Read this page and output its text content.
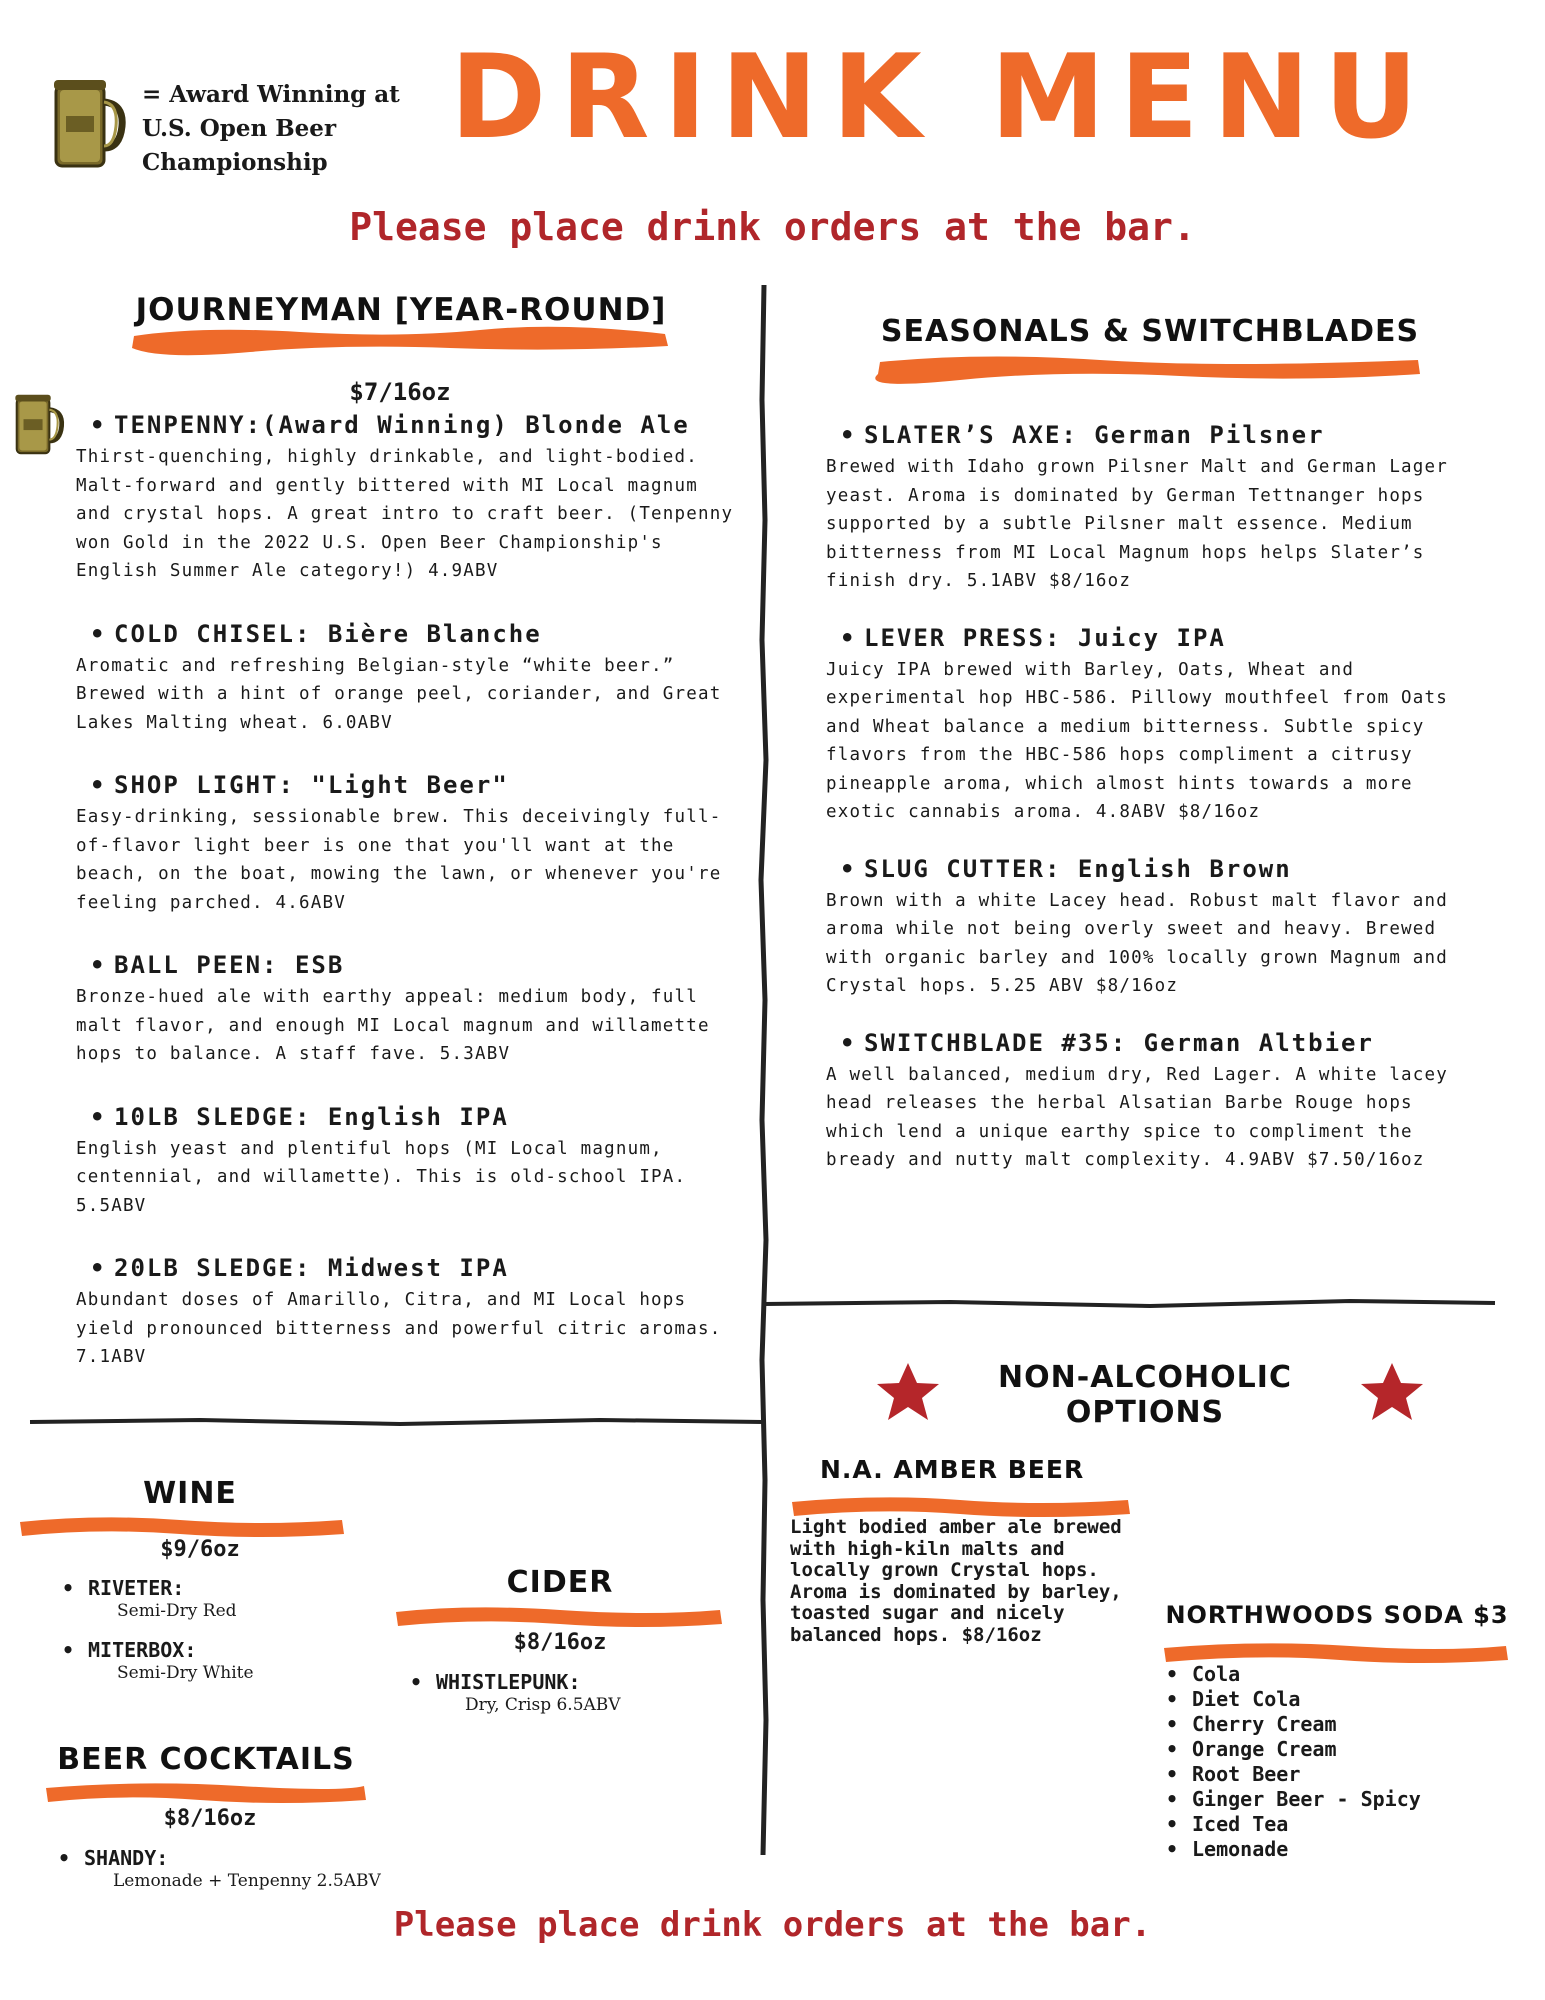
= Award Winning at U.S. Open Beer Championship	DRINK MENU
Please place drink orders at the bar.
JOURNEYMAN [YEAR-ROUND]
$7/16oz
• TENPENNY:(Award Winning) Blonde Ale
Thirst-quenching, highly drinkable, and light-bodied. Malt-forward and gently bittered with MI Local magnum and crystal hops. A great intro to craft beer. (Tenpenny won Gold in the 2022 U.S. Open Beer Championship's English Summer Ale category!) 4.9ABV
• COLD CHISEL: Bière Blanche
Aromatic and refreshing Belgian-style “white beer.” Brewed with a hint of orange peel, coriander, and Great Lakes Malting wheat. 6.0ABV
• SHOP LIGHT: "Light Beer"
Easy-drinking, sessionable brew. This deceivingly full-of-flavor light beer is one that you'll want at the beach, on the boat, mowing the lawn, or whenever you're feeling parched. 4.6ABV
• BALL PEEN: ESB
Bronze-hued ale with earthy appeal: medium body, full malt flavor, and enough MI Local magnum and willamette hops to balance. A staff fave. 5.3ABV
• 10LB SLEDGE: English IPA
English yeast and plentiful hops (MI Local magnum, centennial, and willamette). This is old-school IPA. 5.5ABV
• 20LB SLEDGE: Midwest IPA
Abundant doses of Amarillo, Citra, and MI Local hops yield pronounced bitterness and powerful citric aromas. 7.1ABV
SEASONALS & SWITCHBLADES
• SLATER’S AXE: German Pilsner
Brewed with Idaho grown Pilsner Malt and German Lager yeast. Aroma is dominated by German Tettnanger hops supported by a subtle Pilsner malt essence. Medium bitterness from MI Local Magnum hops helps Slater’s finish dry. 5.1ABV $8/16oz
• LEVER PRESS: Juicy IPA
Juicy IPA brewed with Barley, Oats, Wheat and experimental hop HBC-586. Pillowy mouthfeel from Oats and Wheat balance a medium bitterness. Subtle spicy flavors from the HBC-586 hops compliment a citrusy pineapple aroma, which almost hints towards a more exotic cannabis aroma. 4.8ABV $8/16oz
• SLUG CUTTER: English Brown
Brown with a white Lacey head. Robust malt flavor and aroma while not being overly sweet and heavy. Brewed with organic barley and 100% locally grown Magnum and Crystal hops. 5.25 ABV $8/16oz
• SWITCHBLADE #35: German Altbier
A well balanced, medium dry, Red Lager. A white lacey head releases the herbal Alsatian Barbe Rouge hops which lend a unique earthy spice to compliment the bready and nutty malt complexity. 4.9ABV $7.50/16oz
NON-ALCOHOLIC OPTIONS
N.A. AMBER BEER
Light bodied amber ale brewed with high-kiln malts and locally grown Crystal hops. Aroma is dominated by barley, toasted sugar and nicely balanced hops. $8/16oz
NORTHWOODS SODA $3
• Cola
• Diet Cola
• Cherry Cream
• Orange Cream
• Root Beer
• Ginger Beer - Spicy
• Iced Tea
• Lemonade
WINE
$9/6oz
• RIVETER:
Semi-Dry Red
• MITERBOX:
Semi-Dry White
CIDER
$8/16oz
• WHISTLEPUNK:
Dry, Crisp 6.5ABV
BEER COCKTAILS
$8/16oz
• SHANDY:
Lemonade + Tenpenny 2.5ABV
Please place drink orders at the bar.
